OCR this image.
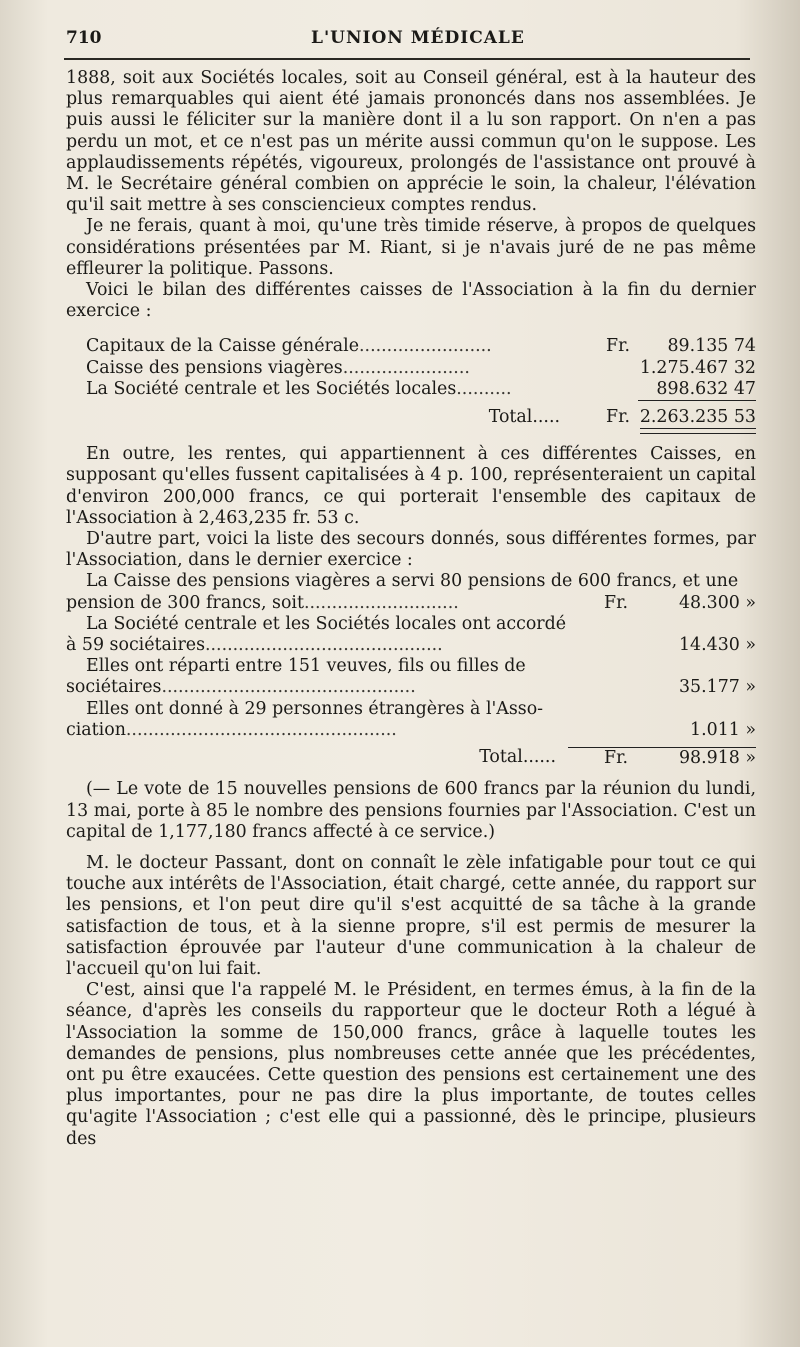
710	L'UNION MÉDICALE

1888, soit aux Sociétés locales, soit au Conseil général, est à la hauteur des plus remarquables qui aient été jamais prononcés dans nos assemblées. Je puis aussi le féliciter sur la manière dont il a lu son rapport. On n'en a pas perdu un mot, et ce n'est pas un mérite aussi commun qu'on le suppose. Les applaudissements répétés, vigoureux, prolongés de l'assistance ont prouvé à M. le Secrétaire général combien on apprécie le soin, la chaleur, l'élévation qu'il sait mettre à ses consciencieux comptes rendus.

Je ne ferais, quant à moi, qu'une très timide réserve, à propos de quelques considérations présentées par M. Riant, si je n'avais juré de ne pas même effleurer la politique. Passons.

Voici le bilan des différentes caisses de l'Association à la fin du dernier exercice :

Capitaux de la Caisse générale........................	Fr.	89.135 74
Caisse des pensions viagères.......................		1.275.467 32
La Société centrale et les Sociétés locales..........		898.632 47
Total.....	Fr.	2.263.235 53

En outre, les rentes, qui appartiennent à ces différentes Caisses, en supposant qu'elles fussent capitalisées à 4 p. 100, représenteraient un capital d'environ 200,000 francs, ce qui porterait l'ensemble des capitaux de l'Association à 2,463,235 fr. 53 c.

D'autre part, voici la liste des secours donnés, sous différentes formes, par l'Association, dans le dernier exercice :

La Caisse des pensions viagères a servi 80 pensions de 600 francs, et une

pension de 300 francs, soit............................	Fr.	48.300 »

La Société centrale et les Sociétés locales ont accordé

à 59 sociétaires...........................................	14.430 »

Elles ont réparti entre 151 veuves, fils ou filles de

sociétaires..............................................	35.177 »

Elles ont donné à 29 personnes étrangères à l'Asso-

ciation.................................................	1.011 »
Total......	Fr.	98.918 »

(— Le vote de 15 nouvelles pensions de 600 francs par la réunion du lundi, 13 mai, porte à 85 le nombre des pensions fournies par l'Association. C'est un capital de 1,177,180 francs affecté à ce service.)

M. le docteur Passant, dont on connaît le zèle infatigable pour tout ce qui touche aux intérêts de l'Association, était chargé, cette année, du rapport sur les pensions, et l'on peut dire qu'il s'est acquitté de sa tâche à la grande satisfaction de tous, et à la sienne propre, s'il est permis de mesurer la satisfaction éprouvée par l'auteur d'une communication à la chaleur de l'accueil qu'on lui fait.

C'est, ainsi que l'a rappelé M. le Président, en termes émus, à la fin de la séance, d'après les conseils du rapporteur que le docteur Roth a légué à l'Association la somme de 150,000 francs, grâce à laquelle toutes les demandes de pensions, plus nombreuses cette année que les précédentes, ont pu être exaucées. Cette question des pensions est certainement une des plus importantes, pour ne pas dire la plus importante, de toutes celles qu'agite l'Association ; c'est elle qui a passionné, dès le principe, plusieurs des
